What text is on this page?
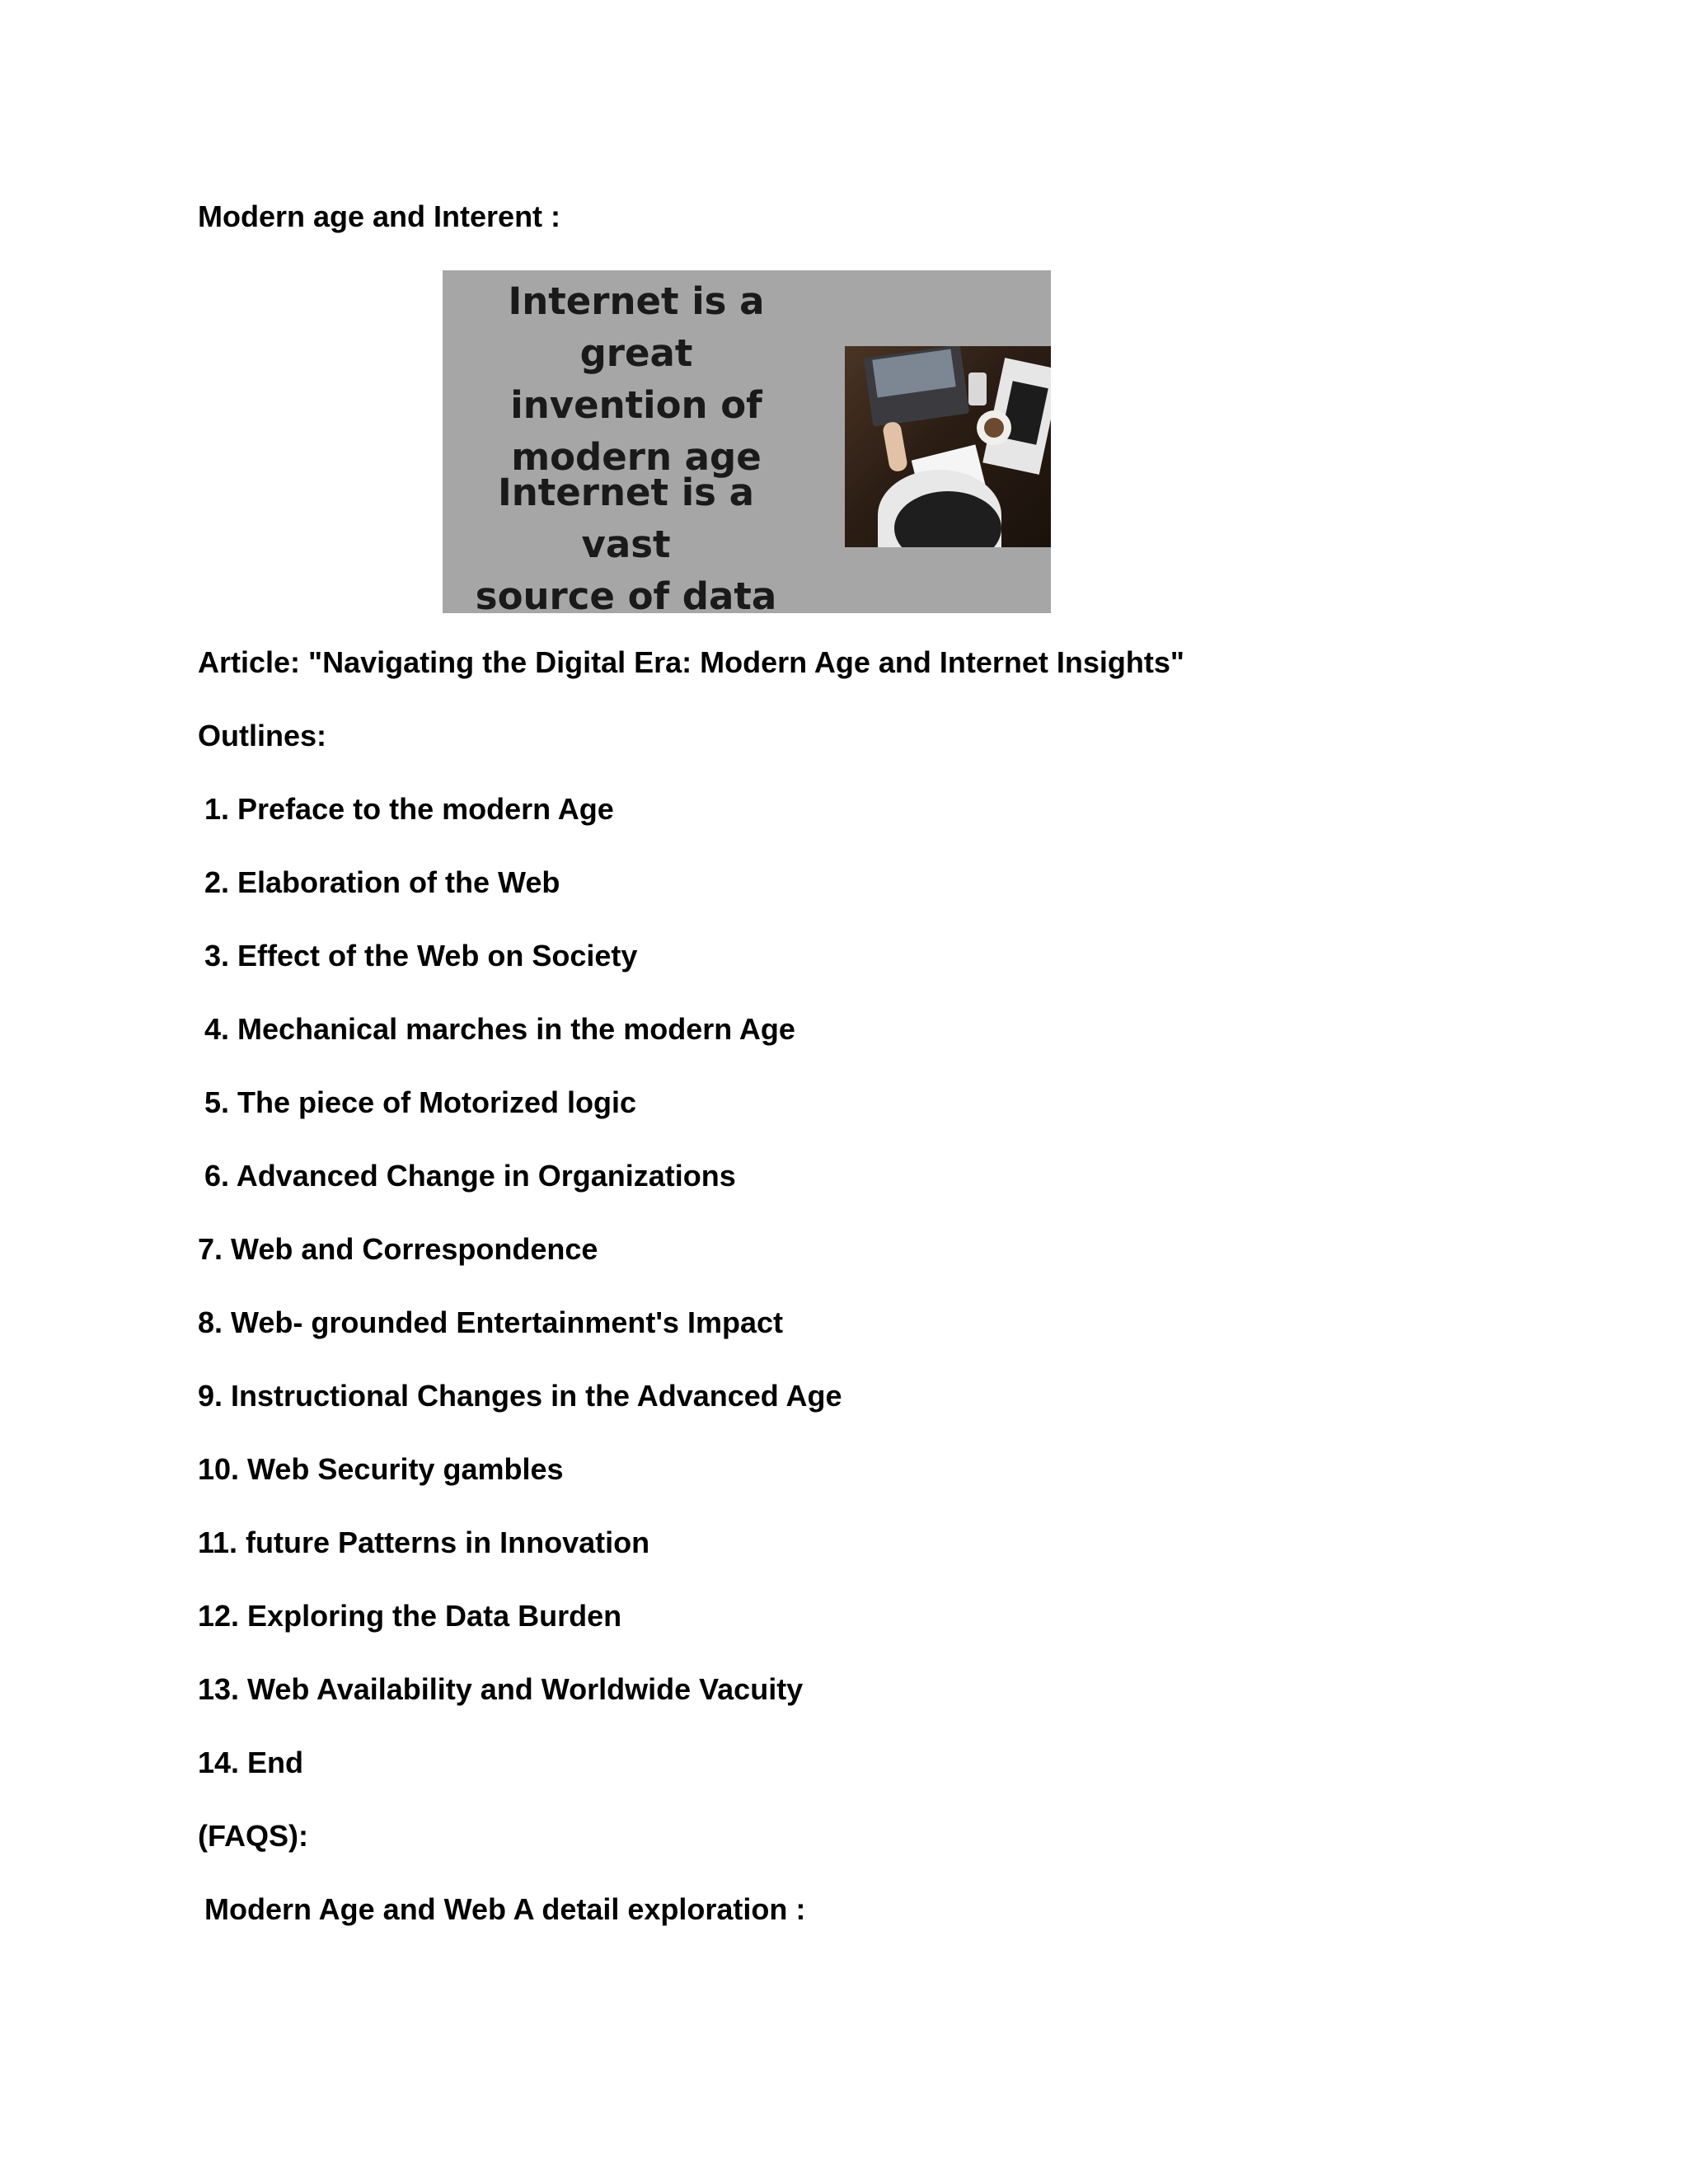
Modern age and Interent :
Internet is a great
invention of
modern age
Internet is a vast
source of data
Article: "Navigating the Digital Era: Modern Age and Internet Insights"
Outlines:
1. Preface to the modern Age
2. Elaboration of the Web
3. Effect of the Web on Society
4. Mechanical marches in the modern Age
5. The piece of Motorized logic
6. Advanced Change in Organizations
7. Web and Correspondence
8. Web- grounded Entertainment's Impact
9. Instructional Changes in the Advanced Age
10. Web Security gambles
11. future Patterns in Innovation
12. Exploring the Data Burden
13. Web Availability and Worldwide Vacuity
14. End
(FAQS):
Modern Age and Web A detail exploration :
